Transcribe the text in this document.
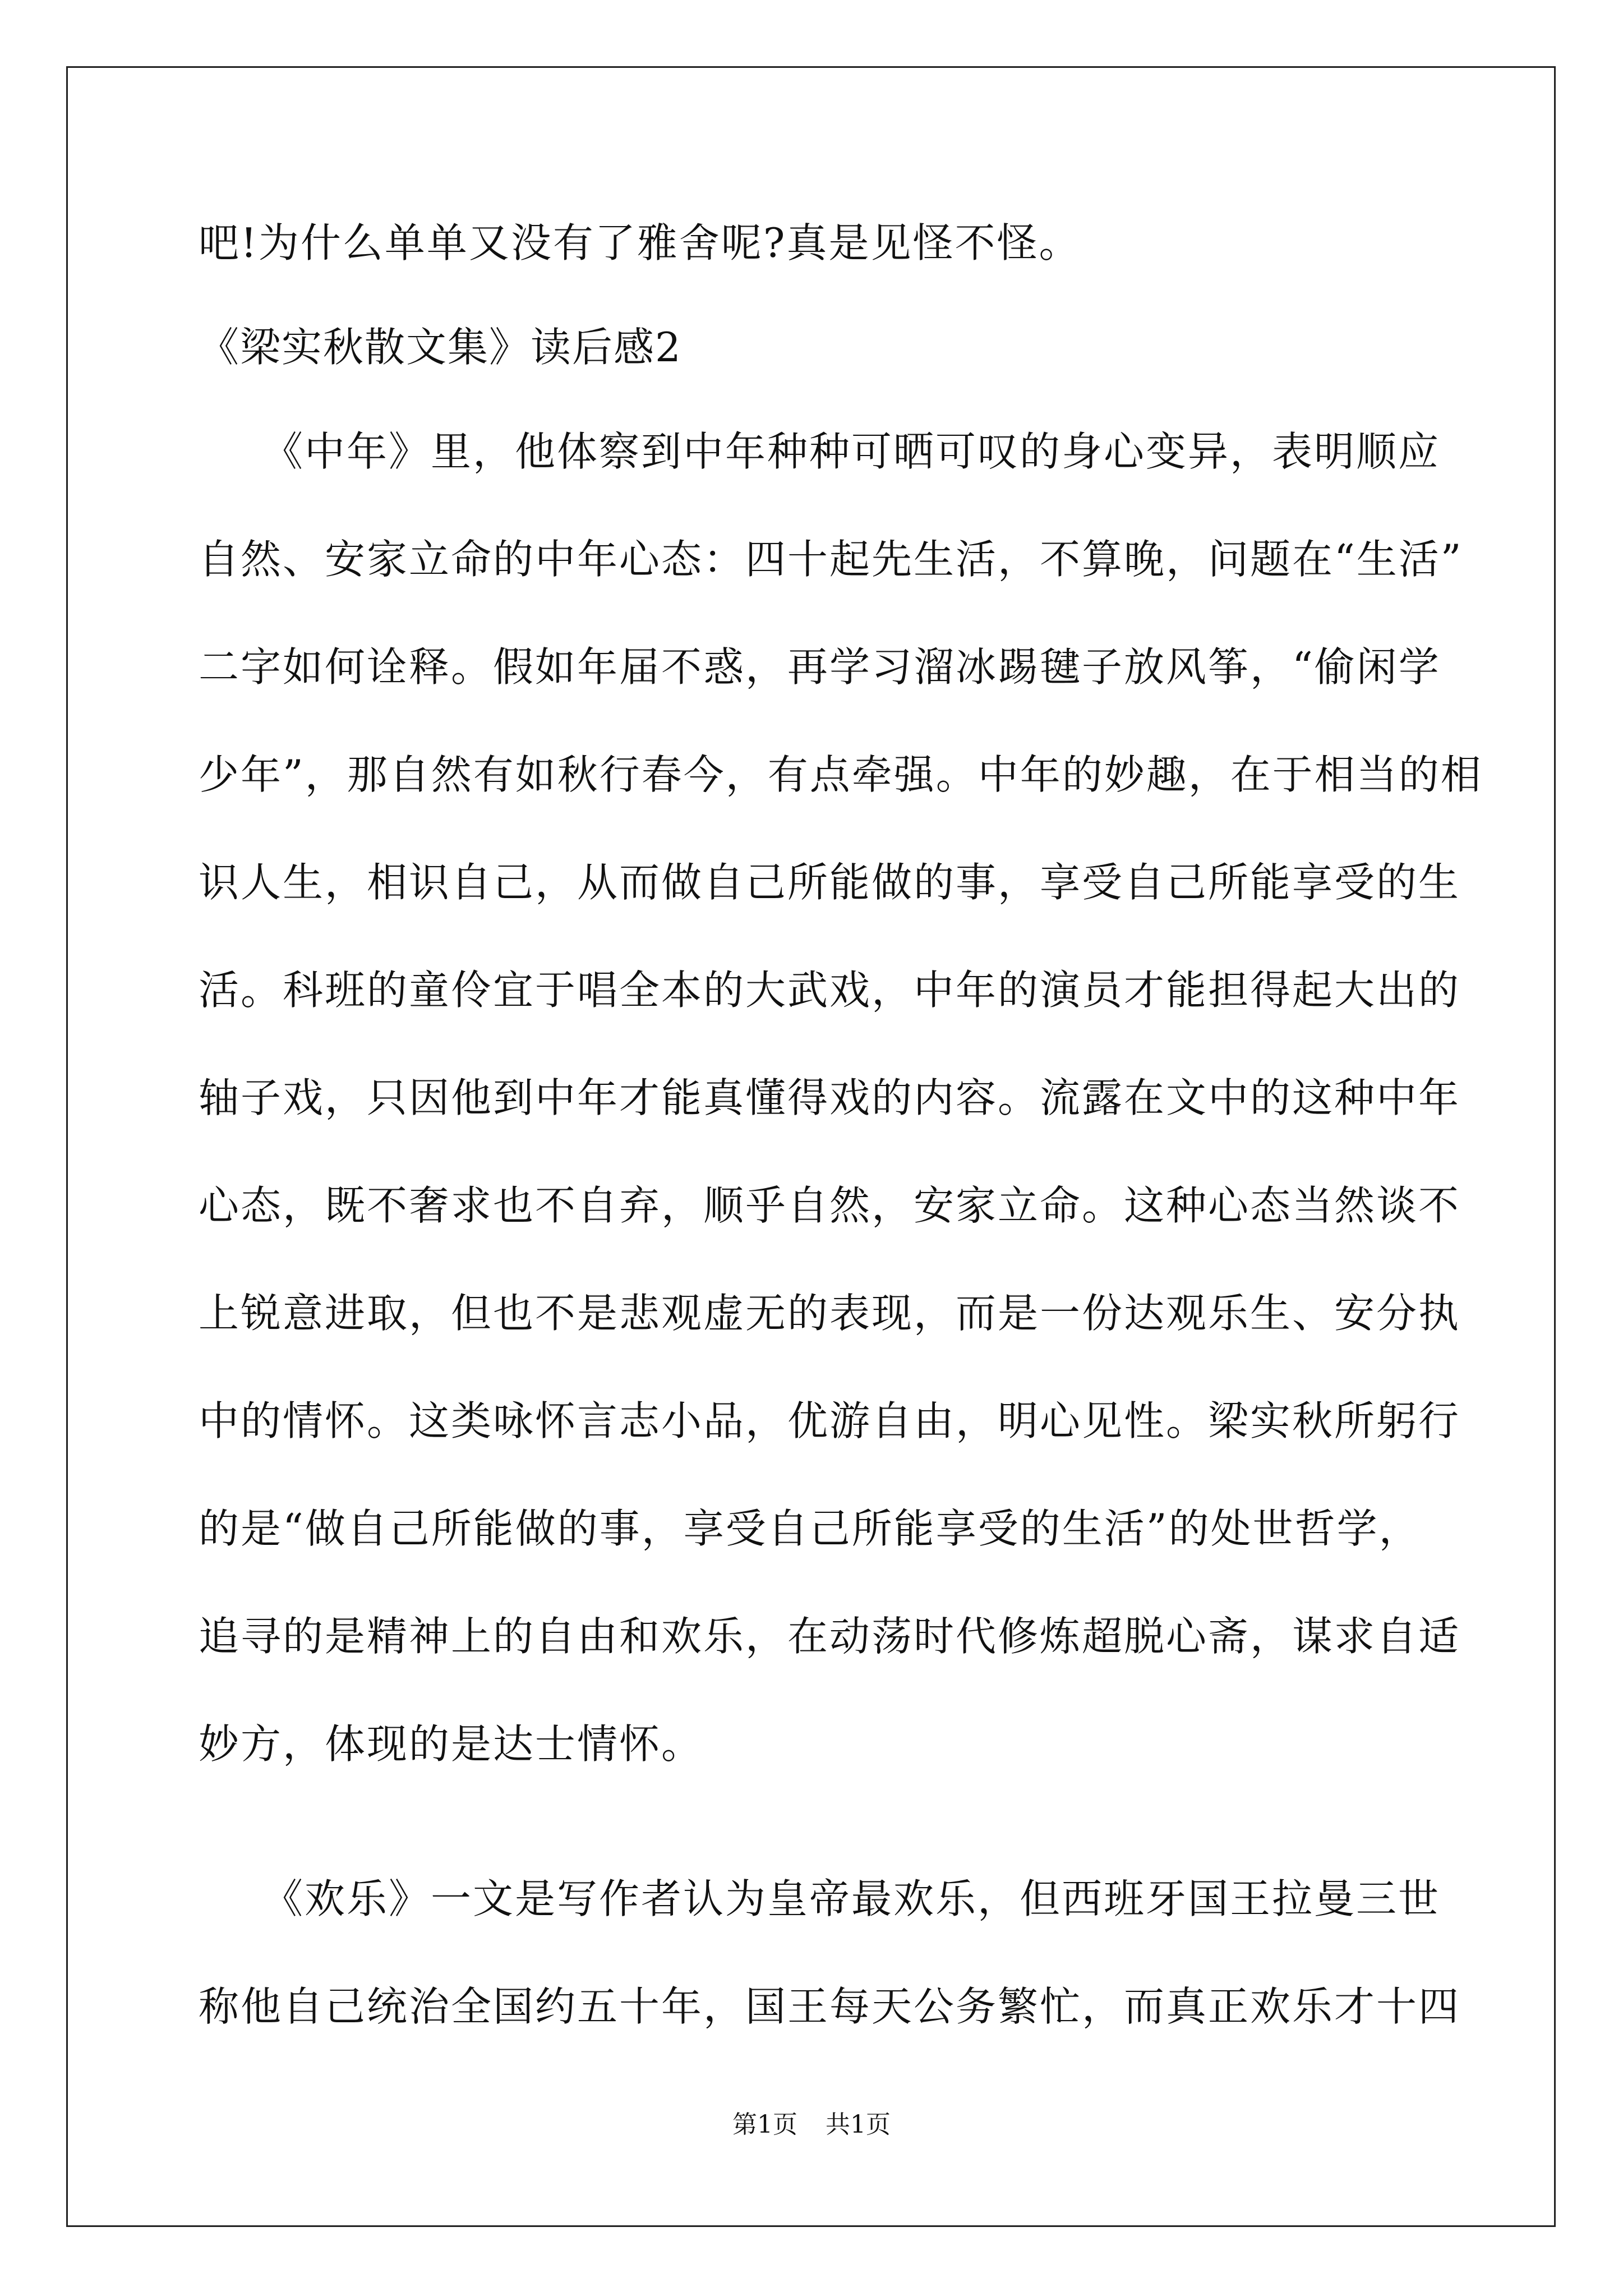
吧!为什么单单又没有了雅舍呢?真是见怪不怪。
《梁实秋散文集》读后感2
　　《中年》里，他体察到中年种种可晒可叹的身心变异，表明顺应
自然、安家立命的中年心态：四十起先生活，不算晚，问题在“生活”
二字如何诠释。假如年届不惑，再学习溜冰踢毽子放风筝，“偷闲学
少年”，那自然有如秋行春今，有点牵强。中年的妙趣，在于相当的相
识人生，相识自己，从而做自己所能做的事，享受自己所能享受的生
活。科班的童伶宜于唱全本的大武戏，中年的演员才能担得起大出的
轴子戏，只因他到中年才能真懂得戏的内容。流露在文中的这种中年
心态，既不奢求也不自弃，顺乎自然，安家立命。这种心态当然谈不
上锐意进取，但也不是悲观虚无的表现，而是一份达观乐生、安分执
中的情怀。这类咏怀言志小品，优游自由，明心见性。梁实秋所躬行
的是“做自己所能做的事，享受自己所能享受的生活”的处世哲学，
追寻的是精神上的自由和欢乐，在动荡时代修炼超脱心斋，谋求自适
妙方，体现的是达士情怀。
　　《欢乐》一文是写作者认为皇帝最欢乐，但西班牙国王拉曼三世
称他自己统治全国约五十年，国王每天公务繁忙，而真正欢乐才十四
第1页 共1页
